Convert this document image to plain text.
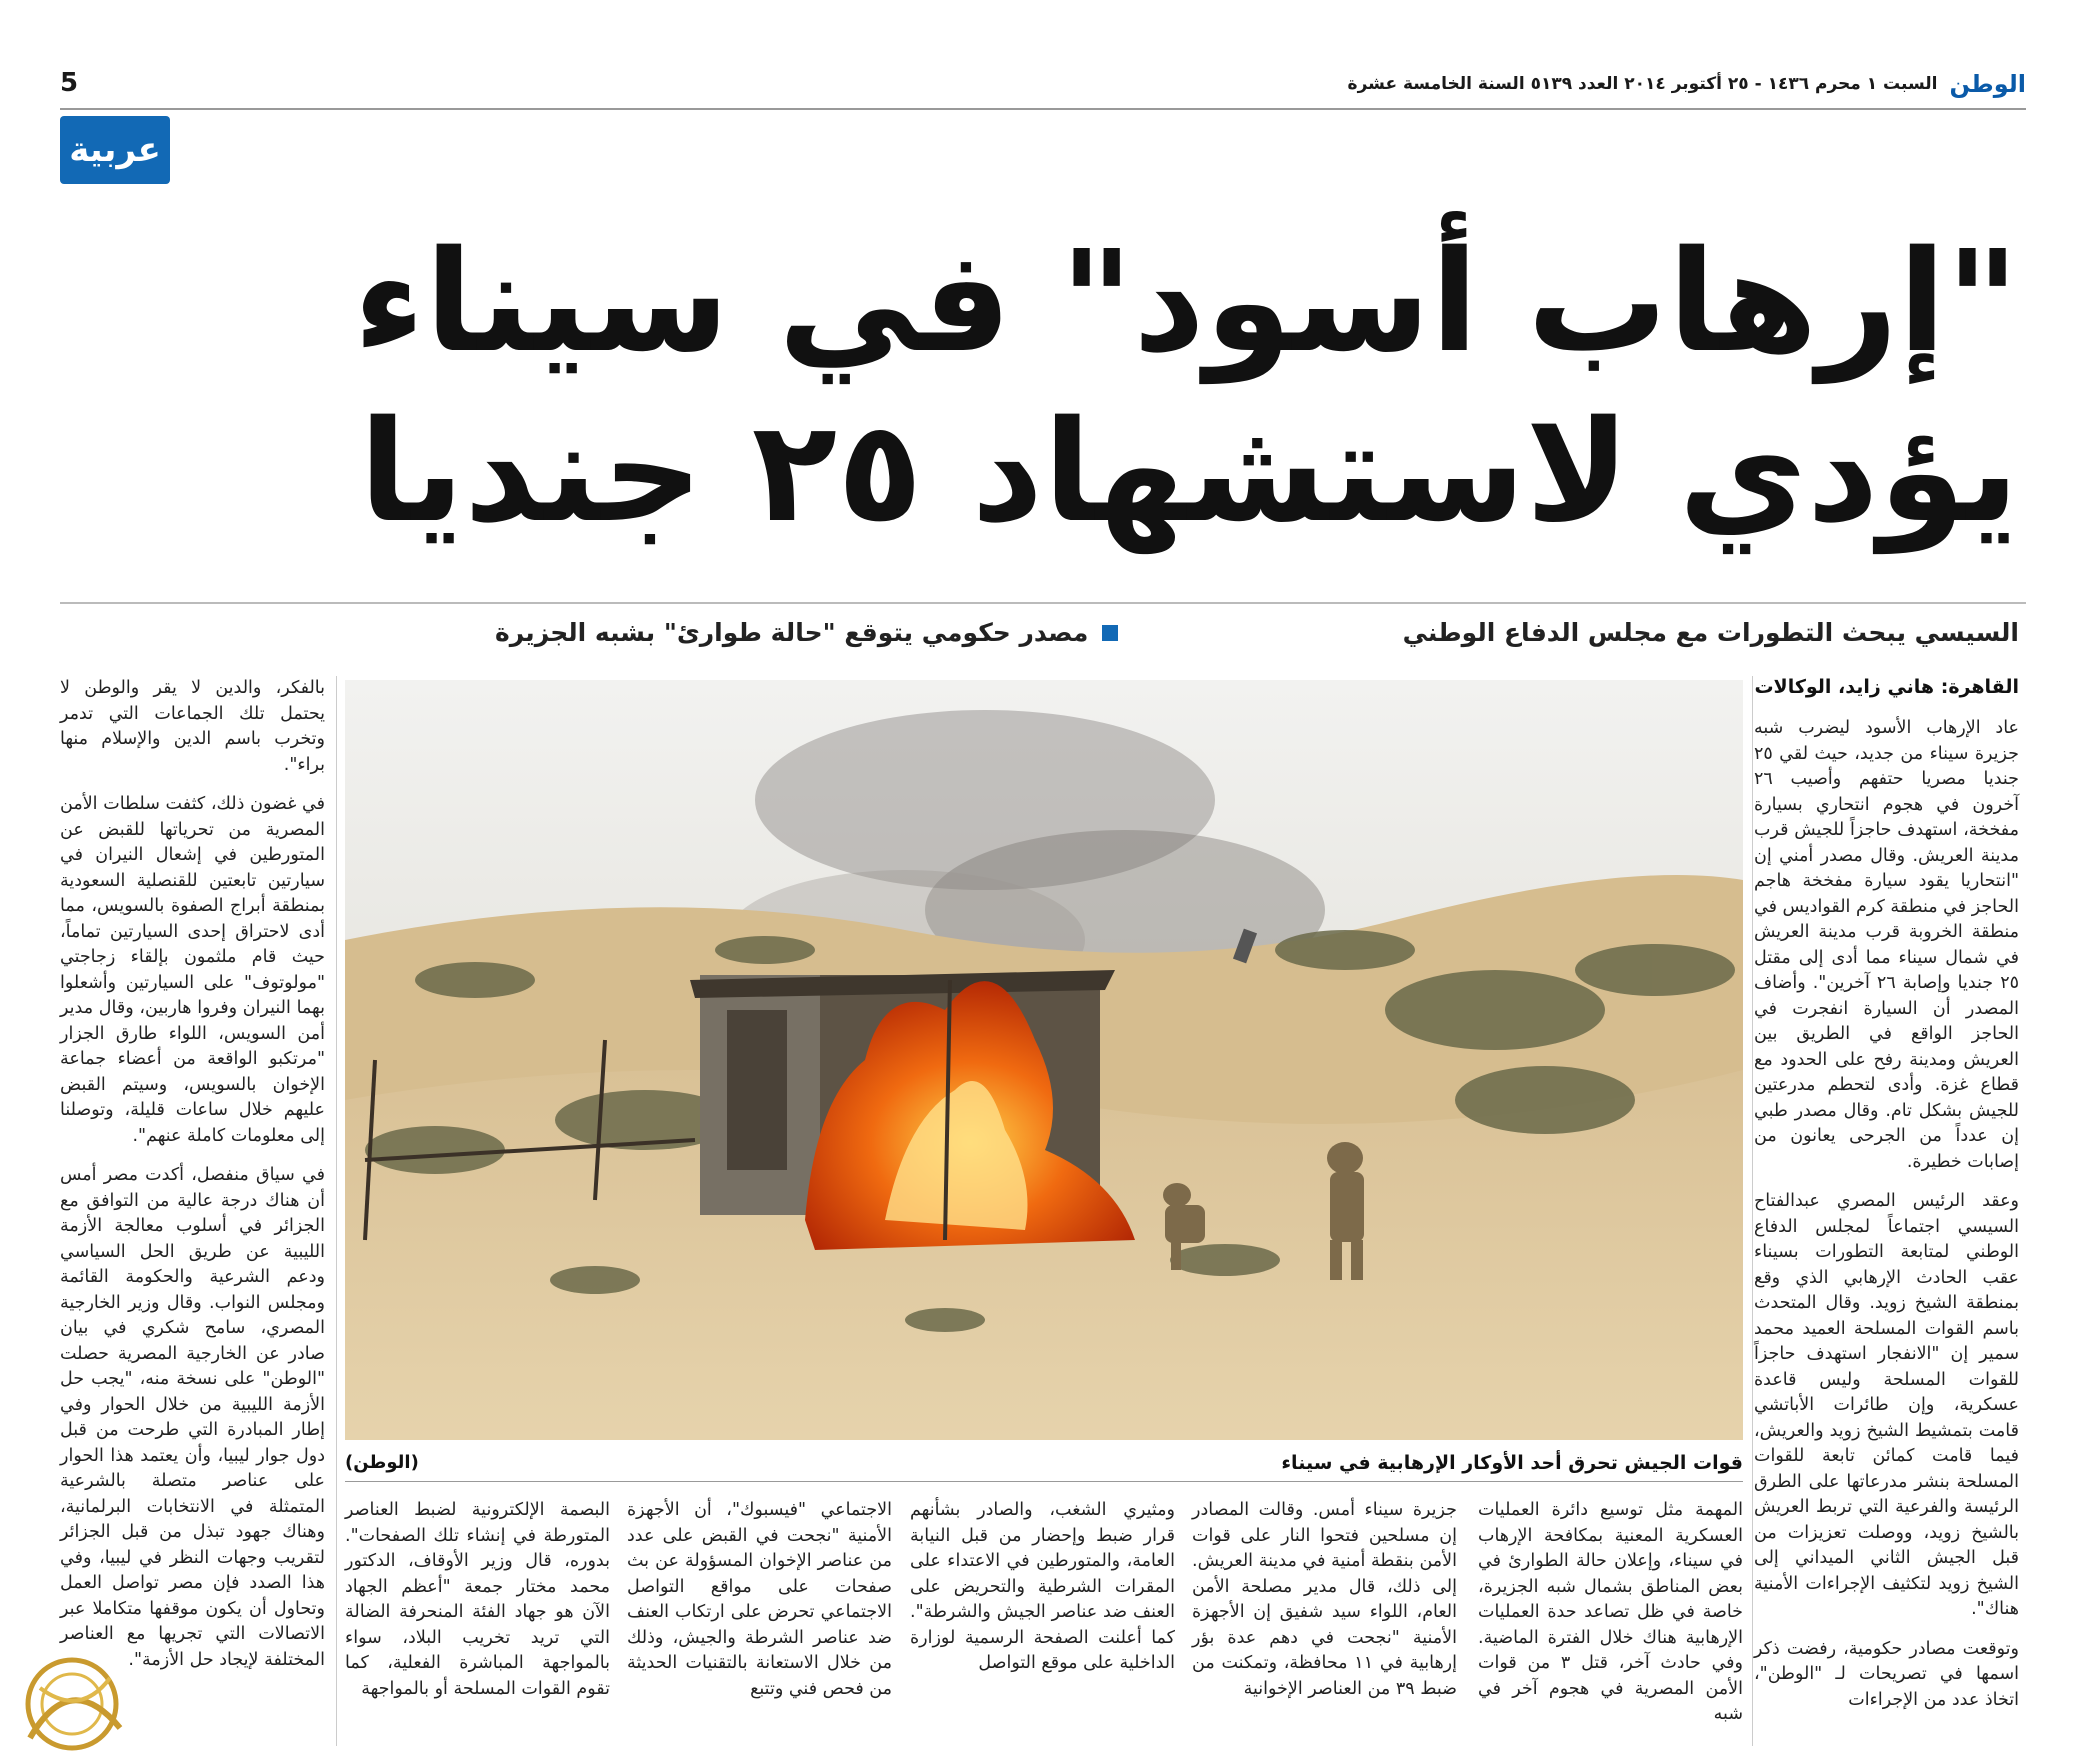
5	الوطن
السبت ١ محرم ١٤٣٦ - ٢٥ أكتوبر ٢٠١٤ العدد ٥١٣٩ السنة الخامسة عشرة
عربية
"إرهاب أسود" في سيناء يؤدي لاستشهاد ٢٥ جنديا
السيسي يبحث التطورات مع مجلس الدفاع الوطني
مصدر حكومي يتوقع "حالة طوارئ" بشبه الجزيرة
القاهرة: هاني زايد، الوكالات

عاد الإرهاب الأسود ليضرب شبه جزيرة سيناء من جديد، حيث لقي ٢٥ جنديا مصريا حتفهم وأصيب ٢٦ آخرون في هجوم انتحاري بسيارة مفخخة، استهدف حاجزاً للجيش قرب مدينة العريش. وقال مصدر أمني إن "انتحاريا يقود سيارة مفخخة هاجم الحاجز في منطقة كرم القواديس في منطقة الخروبة قرب مدينة العريش في شمال سيناء مما أدى إلى مقتل ٢٥ جنديا وإصابة ٢٦ آخرين". وأضاف المصدر أن السيارة انفجرت في الحاجز الواقع في الطريق بين العريش ومدينة رفح على الحدود مع قطاع غزة. وأدى لتحطم مدرعتين للجيش بشكل تام. وقال مصدر طبي إن عدداً من الجرحى يعانون من إصابات خطيرة.

وعقد الرئيس المصري عبدالفتاح السيسي اجتماعاً لمجلس الدفاع الوطني لمتابعة التطورات بسيناء عقب الحادث الإرهابي الذي وقع بمنطقة الشيخ زويد. وقال المتحدث باسم القوات المسلحة العميد محمد سمير إن "الانفجار استهدف حاجزاً للقوات المسلحة وليس قاعدة عسكرية، وإن طائرات الأباتشي قامت بتمشيط الشيخ زويد والعريش، فيما قامت كمائن تابعة للقوات المسلحة بنشر مدرعاتها على الطرق الرئيسة والفرعية التي تربط العريش بالشيخ زويد، ووصلت تعزيزات من قبل الجيش الثاني الميداني إلى الشيخ زويد لتكثيف الإجراءات الأمنية هناك".

وتوقعت مصادر حكومية، رفضت ذكر اسمها في تصريحات لـ "الوطن"، اتخاذ عدد من الإجراءات

قوات الجيش تحرق أحد الأوكار الإرهابية في سيناء
(الوطن)

المهمة مثل توسيع دائرة العمليات العسكرية المعنية بمكافحة الإرهاب في سيناء، وإعلان حالة الطوارئ في بعض المناطق بشمال شبه الجزيرة، خاصة في ظل تصاعد حدة العمليات الإرهابية هناك خلال الفترة الماضية. وفي حادث آخر، قتل ٣ من قوات الأمن المصرية في هجوم آخر في شبه

جزيرة سيناء أمس. وقالت المصادر إن مسلحين فتحوا النار على قوات الأمن بنقطة أمنية في مدينة العريش. إلى ذلك، قال مدير مصلحة الأمن العام، اللواء سيد شفيق إن الأجهزة الأمنية "نجحت في دهم عدة بؤر إرهابية في ١١ محافظة، وتمكنت من ضبط ٣٩ من العناصر الإخوانية

ومثيري الشغب، والصادر بشأنهم قرار ضبط وإحضار من قبل النيابة العامة، والمتورطين في الاعتداء على المقرات الشرطية والتحريض على العنف ضد عناصر الجيش والشرطة". كما أعلنت الصفحة الرسمية لوزارة الداخلية على موقع التواصل

الاجتماعي "فيسبوك"، أن الأجهزة الأمنية "نجحت في القبض على عدد من عناصر الإخوان المسؤولة عن بث صفحات على مواقع التواصل الاجتماعي تحرض على ارتكاب العنف ضد عناصر الشرطة والجيش، وذلك من خلال الاستعانة بالتقنيات الحديثة من فحص فني وتتبع

البصمة الإلكترونية لضبط العناصر المتورطة في إنشاء تلك الصفحات". بدوره، قال وزير الأوقاف، الدكتور محمد مختار جمعة "أعظم الجهاد الآن هو جهاد الفئة المنحرفة الضالة التي تريد تخريب البلاد، سواء بالمواجهة المباشرة الفعلية، كما تقوم القوات المسلحة أو بالمواجهة

بالفكر، والدين لا يقر والوطن لا يحتمل تلك الجماعات التي تدمر وتخرب باسم الدين والإسلام منها براء".

في غضون ذلك، كثفت سلطات الأمن المصرية من تحرياتها للقبض عن المتورطين في إشعال النيران في سيارتين تابعتين للقنصلية السعودية بمنطقة أبراج الصفوة بالسويس، مما أدى لاحتراق إحدى السيارتين تماماً، حيث قام ملثمون بإلقاء زجاجتي "مولوتوف" على السيارتين وأشعلوا بهما النيران وفروا هاربين، وقال مدير أمن السويس، اللواء طارق الجزار "مرتكبو الواقعة من أعضاء جماعة الإخوان بالسويس، وسيتم القبض عليهم خلال ساعات قليلة، وتوصلنا إلى معلومات كاملة عنهم".

في سياق منفصل، أكدت مصر أمس أن هناك درجة عالية من التوافق مع الجزائر في أسلوب معالجة الأزمة الليبية عن طريق الحل السياسي ودعم الشرعية والحكومة القائمة ومجلس النواب. وقال وزير الخارجية المصري، سامح شكري في بيان صادر عن الخارجية المصرية حصلت "الوطن" على نسخة منه، "يجب حل الأزمة الليبية من خلال الحوار وفي إطار المبادرة التي طرحت من قبل دول جوار ليبيا، وأن يعتمد هذا الحوار على عناصر متصلة بالشرعية المتمثلة في الانتخابات البرلمانية، وهناك جهود تبذل من قبل الجزائر لتقريب وجهات النظر في ليبيا، وفي هذا الصدد فإن مصر تواصل العمل وتحاول أن يكون موقفها متكاملا عبر الاتصالات التي تجريها مع العناصر المختلفة لإيجاد حل الأزمة".
